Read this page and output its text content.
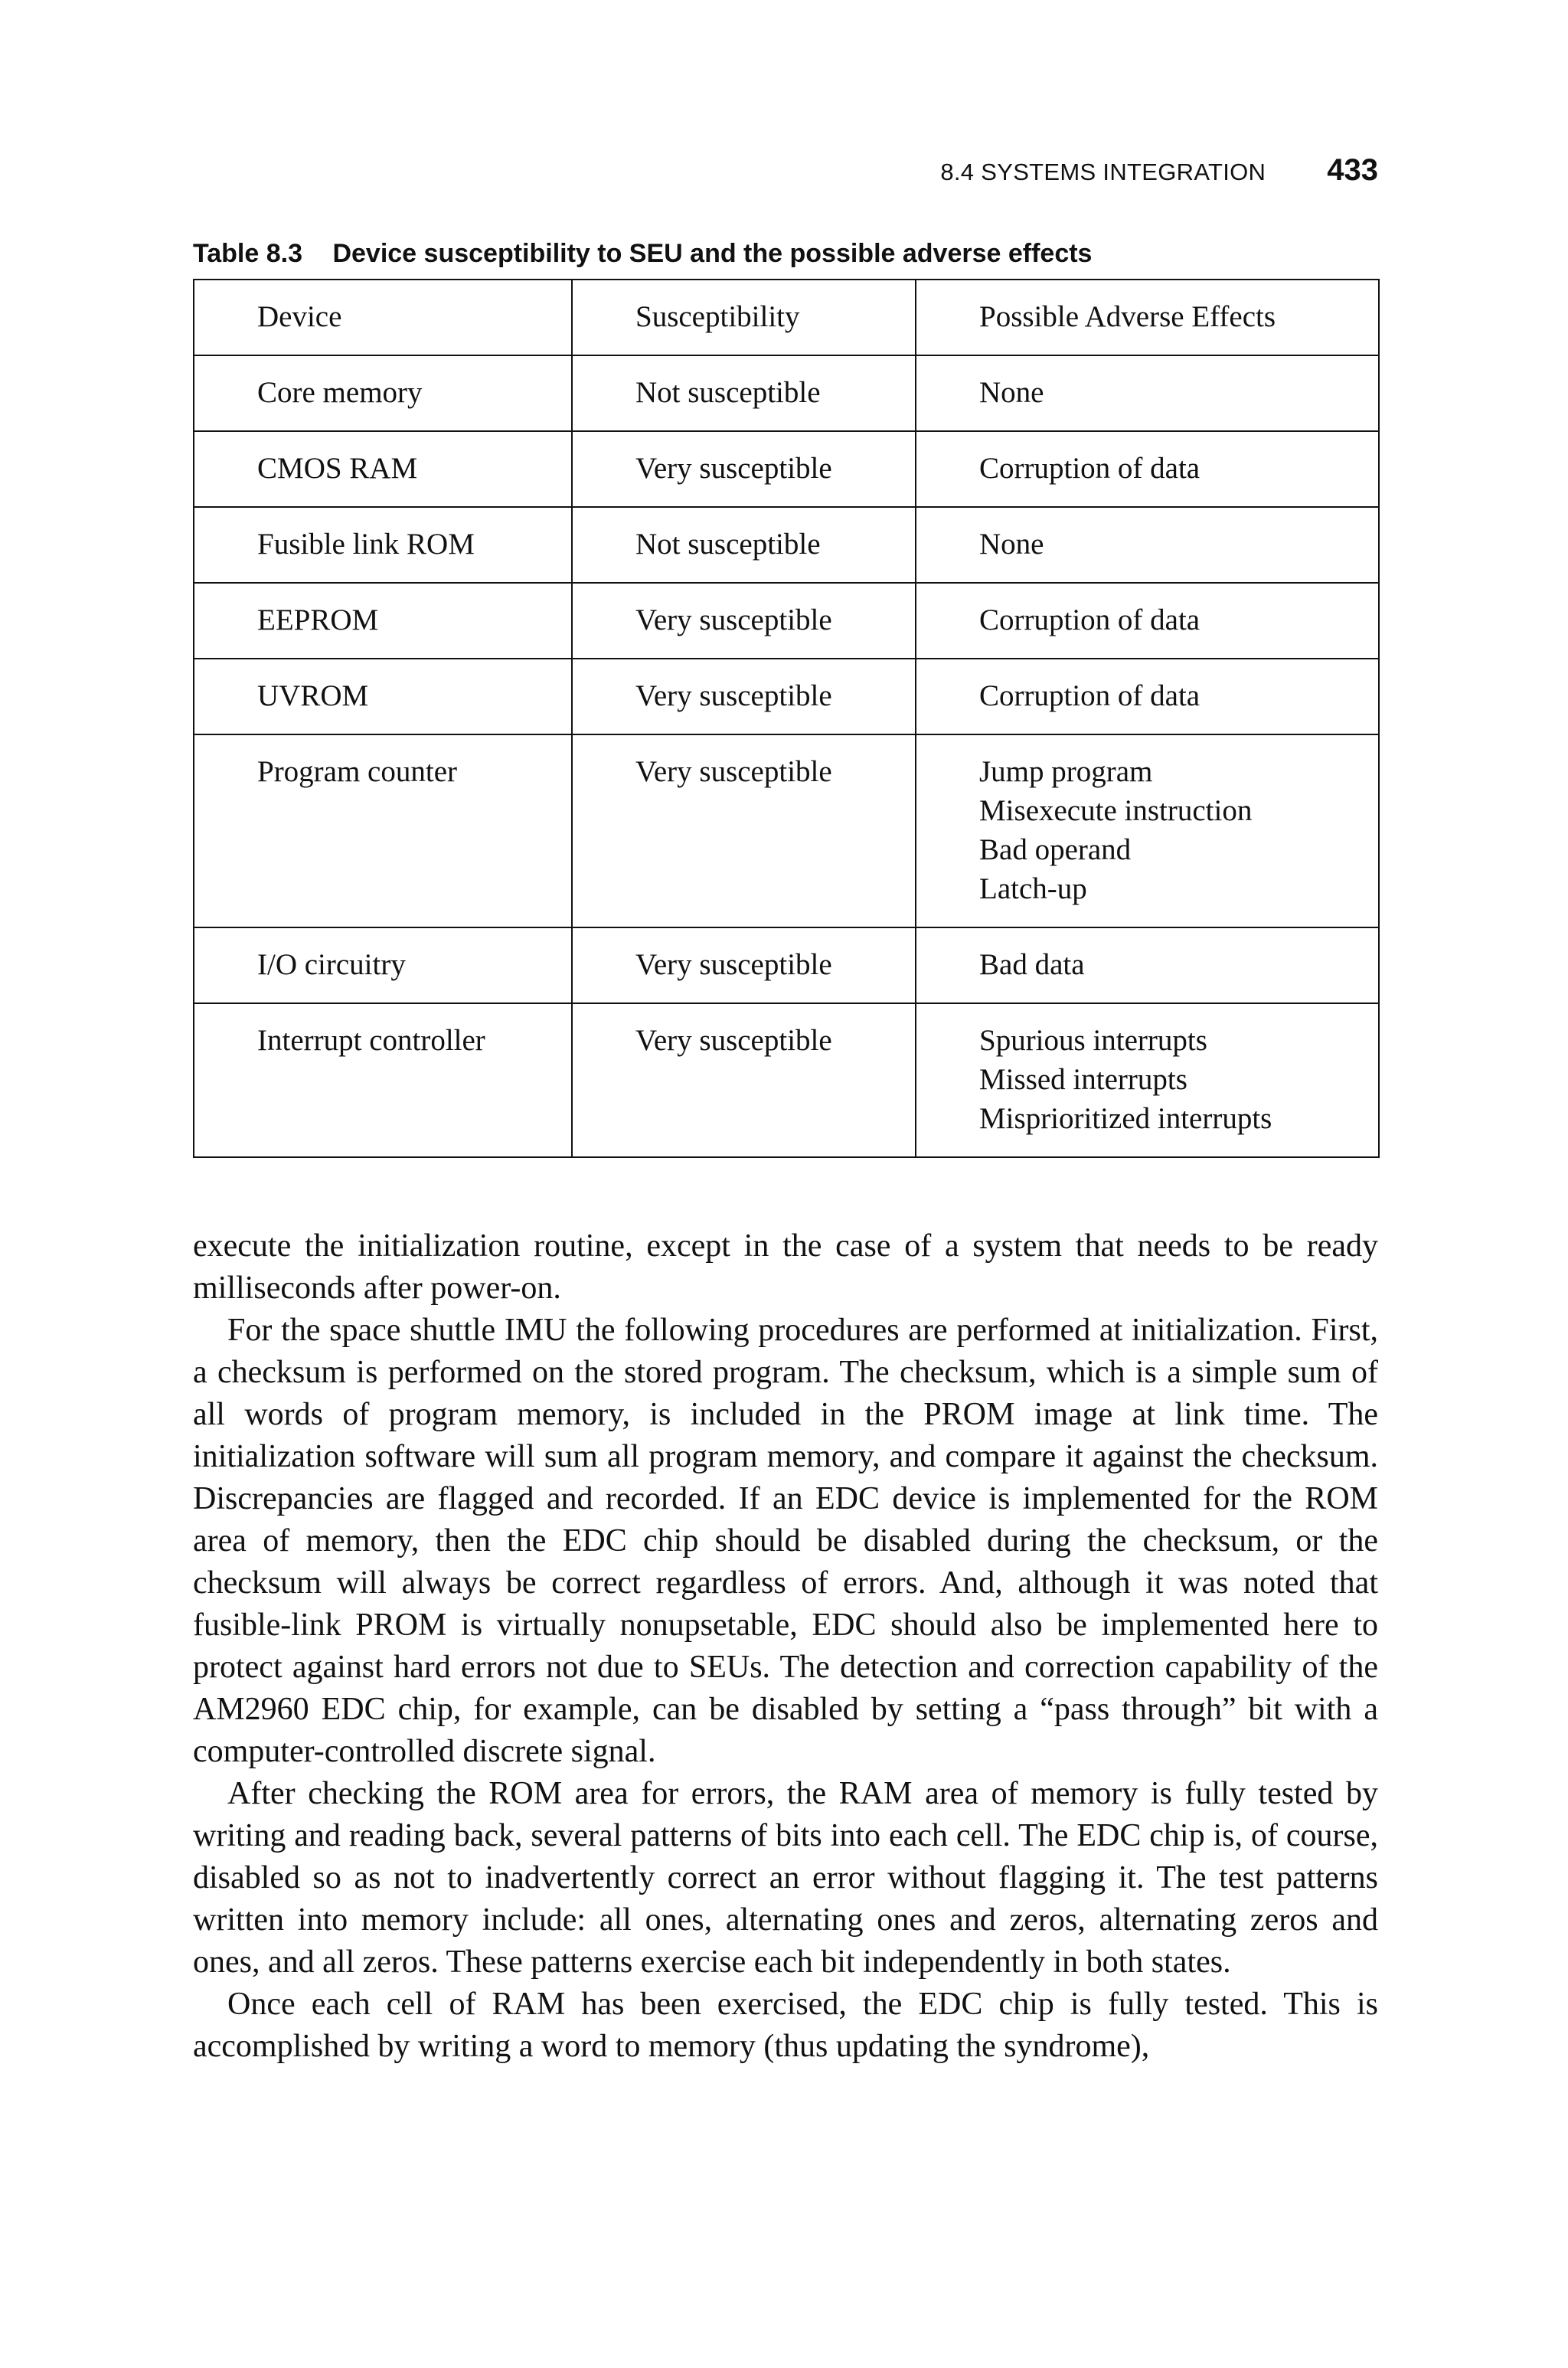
8.4 SYSTEMS INTEGRATION 433
Table 8.3 Device susceptibility to SEU and the possible adverse effects
Device	Susceptibility	Possible Adverse Effects
Core memory	Not susceptible	None

CMOS RAM	Very susceptible	Corruption of data

Fusible link ROM	Not susceptible	None

EEPROM	Very susceptible	Corruption of data

UVROM	Very susceptible	Corruption of data

Program counter	Very susceptible	Jump program
Misexecute instruction
Bad operand
Latch-up

I/O circuitry	Very susceptible	Bad data

Interrupt controller	Very susceptible	Spurious interrupts
Missed interrupts
Misprioritized interrupts

execute the initialization routine, except in the case of a system that needs to be ready milliseconds after power-on.

For the space shuttle IMU the following procedures are performed at initialization. First, a checksum is performed on the stored program. The checksum, which is a simple sum of all words of program memory, is included in the PROM image at link time. The initialization software will sum all program memory, and compare it against the checksum. Discrepancies are flagged and recorded. If an EDC device is implemented for the ROM area of memory, then the EDC chip should be disabled during the checksum, or the checksum will always be correct regardless of errors. And, although it was noted that fusible-link PROM is virtually nonupsetable, EDC should also be implemented here to protect against hard errors not due to SEUs. The detection and correction capability of the AM2960 EDC chip, for example, can be disabled by setting a “pass through” bit with a computer-controlled discrete signal.

After checking the ROM area for errors, the RAM area of memory is fully tested by writing and reading back, several patterns of bits into each cell. The EDC chip is, of course, disabled so as not to inadvertently correct an error without flagging it. The test patterns written into memory include: all ones, alternating ones and zeros, alternating zeros and ones, and all zeros. These patterns exercise each bit independently in both states.

Once each cell of RAM has been exercised, the EDC chip is fully tested. This is accomplished by writing a word to memory (thus updating the syndrome),
